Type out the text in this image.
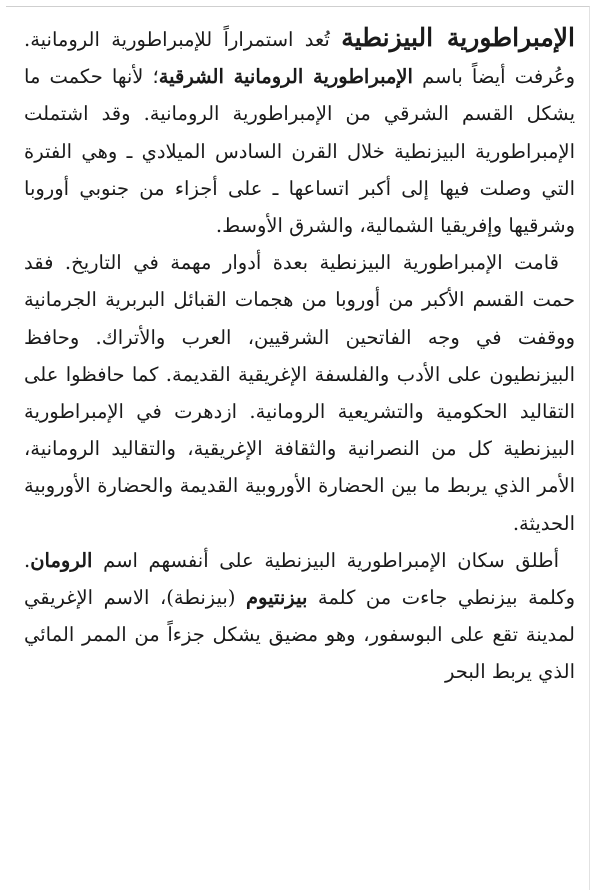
الإمبراطورية البيزنطية تُعد استمراراً للإمبراطورية الرومانية. وعُرفت أيضاً باسم الإمبراطورية الرومانية الشرقية؛ لأنها حكمت ما يشكل القسم الشرقي من الإمبراطورية الرومانية. وقد اشتملت الإمبراطورية البيزنطية خلال القرن السادس الميلادي ـ وهي الفترة التي وصلت فيها إلى أكبر اتساعها ـ على أجزاء من جنوبي أوروبا وشرقيها وإفريقيا الشمالية، والشرق الأوسط.

قامت الإمبراطورية البيزنطية بعدة أدوار مهمة في التاريخ. فقد حمت القسم الأكبر من أوروبا من هجمات القبائل البربرية الجرمانية ووقفت في وجه الفاتحين الشرقيين، العرب والأتراك. وحافظ البيزنطيون على الأدب والفلسفة الإغريقية القديمة. كما حافظوا على التقاليد الحكومية والتشريعية الرومانية. ازدهرت في الإمبراطورية البيزنطية كل من النصرانية والثقافة الإغريقية، والتقاليد الرومانية، الأمر الذي يربط ما بين الحضارة الأوروبية القديمة والحضارة الأوروبية الحديثة.

أطلق سكان الإمبراطورية البيزنطية على أنفسهم اسم الرومان. وكلمة بيزنطي جاءت من كلمة بيزنتيوم (بيزنطة)، الاسم الإغريقي لمدينة تقع على البوسفور، وهو مضيق يشكل جزءاً من الممر المائي الذي يربط البحر
